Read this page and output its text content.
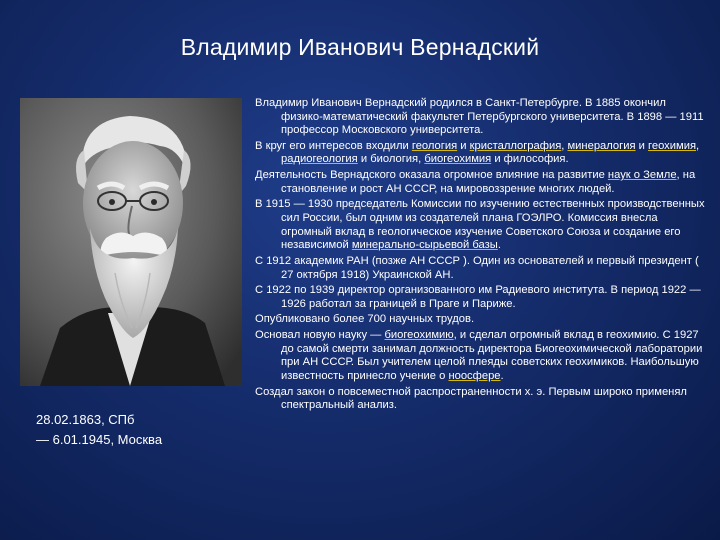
Владимир Иванович Вернадский
28.02.1863, СПб
— 6.01.1945, Москва

Владимир Иванович Вернадский родился в Санкт-Петербурге. В 1885 окончил физико-математический факультет Петербургского университета. В 1898 — 1911 профессор Московского университета.

В круг его интересов входили геология и кристаллография, минералогия и геохимия, радиогеология и биология, биогеохимия и философия.

Деятельность Вернадского оказала огромное влияние на развитие наук о Земле, на становление и рост АН СССР, на мировоззрение многих людей.

В 1915 — 1930 председатель Комиссии по изучению естественных производственных сил России, был одним из создателей плана ГОЭЛРО. Комиссия внесла огромный вклад в геологическое изучение Советского Союза и создание его независимой минерально-сырьевой базы.

С 1912 академик РАН (позже АН СССР ). Один из основателей и первый президент ( 27 октября 1918) Украинской АН.

С 1922 по 1939 директор организованного им Радиевого института. В период 1922 — 1926 работал за границей в Праге и Париже.

Опубликовано более 700 научных трудов.

Основал новую науку — биогеохимию, и сделал огромный вклад в геохимию. С 1927 до самой смерти занимал должность директора Биогеохимической лаборатории при АН СССР. Был учителем целой плеяды советских геохимиков. Наибольшую известность принесло учение о ноосфере.

Создал закон о повсеместной распространенности х. э. Первым широко применял спектральный анализ.
